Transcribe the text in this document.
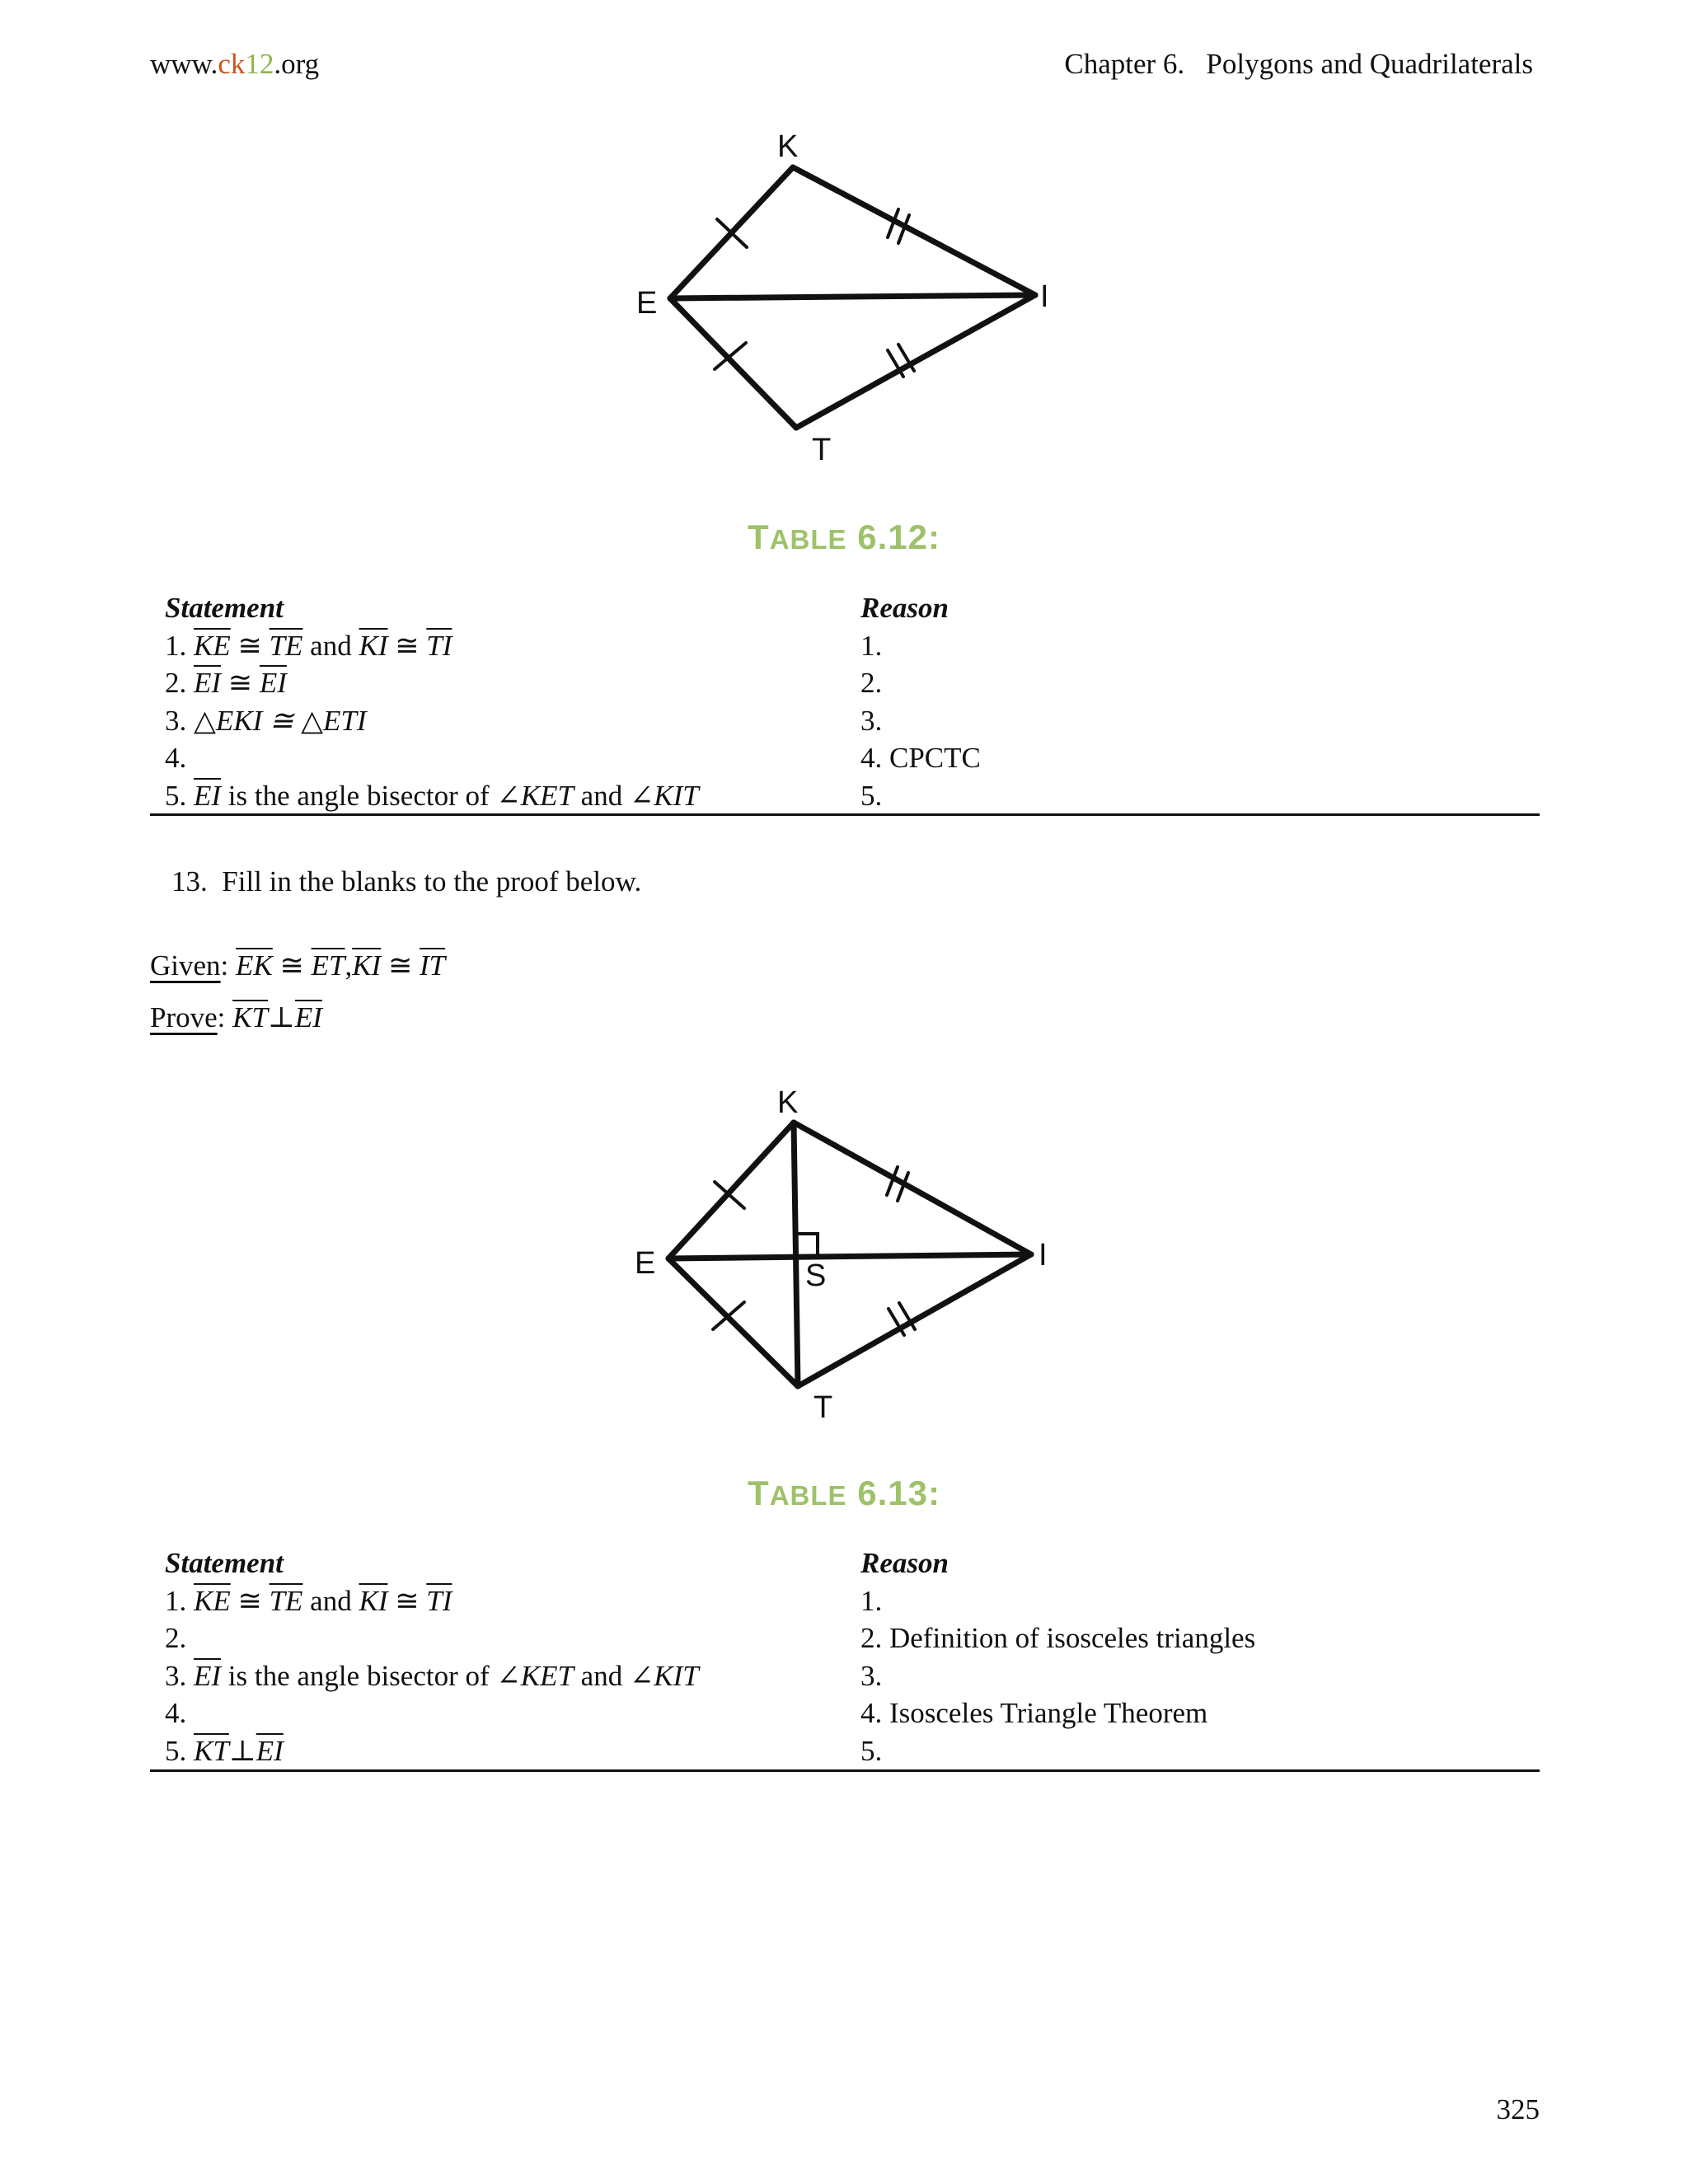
www.ck12.org	Chapter 6.   Polygons and Quadrilaterals
K
E	I
T
TABLE 6.12:
Statement	Reason
1. $\overline{KE}$ ≅ $\overline{TE}$ and $\overline{KI}$ ≅ $\overline{TI}$	1.
2. $\overline{EI}$ ≅ $\overline{EI}$	2.
3. △EKI ≅ △ETI	3.
4.	4. CPCTC
5. $\overline{EI}$ is the angle bisector of ∠KET and ∠KIT	5.
13.  Fill in the blanks to the proof below.
Given: $\overline{EK}$ ≅ $\overline{ET},\overline{KI}$ ≅ $\overline{IT}$
Prove: $\overline{KT}\perp\overline{EI}$
K
E	I
S
T
TABLE 6.13:
Statement	Reason
1. $\overline{KE}$ ≅ $\overline{TE}$ and $\overline{KI}$ ≅ $\overline{TI}$	1.
2.	2. Definition of isosceles triangles
3. $\overline{EI}$ is the angle bisector of ∠KET and ∠KIT	3.
4.	4. Isosceles Triangle Theorem
5. $\overline{KT}\perp\overline{EI}$	5.
325
